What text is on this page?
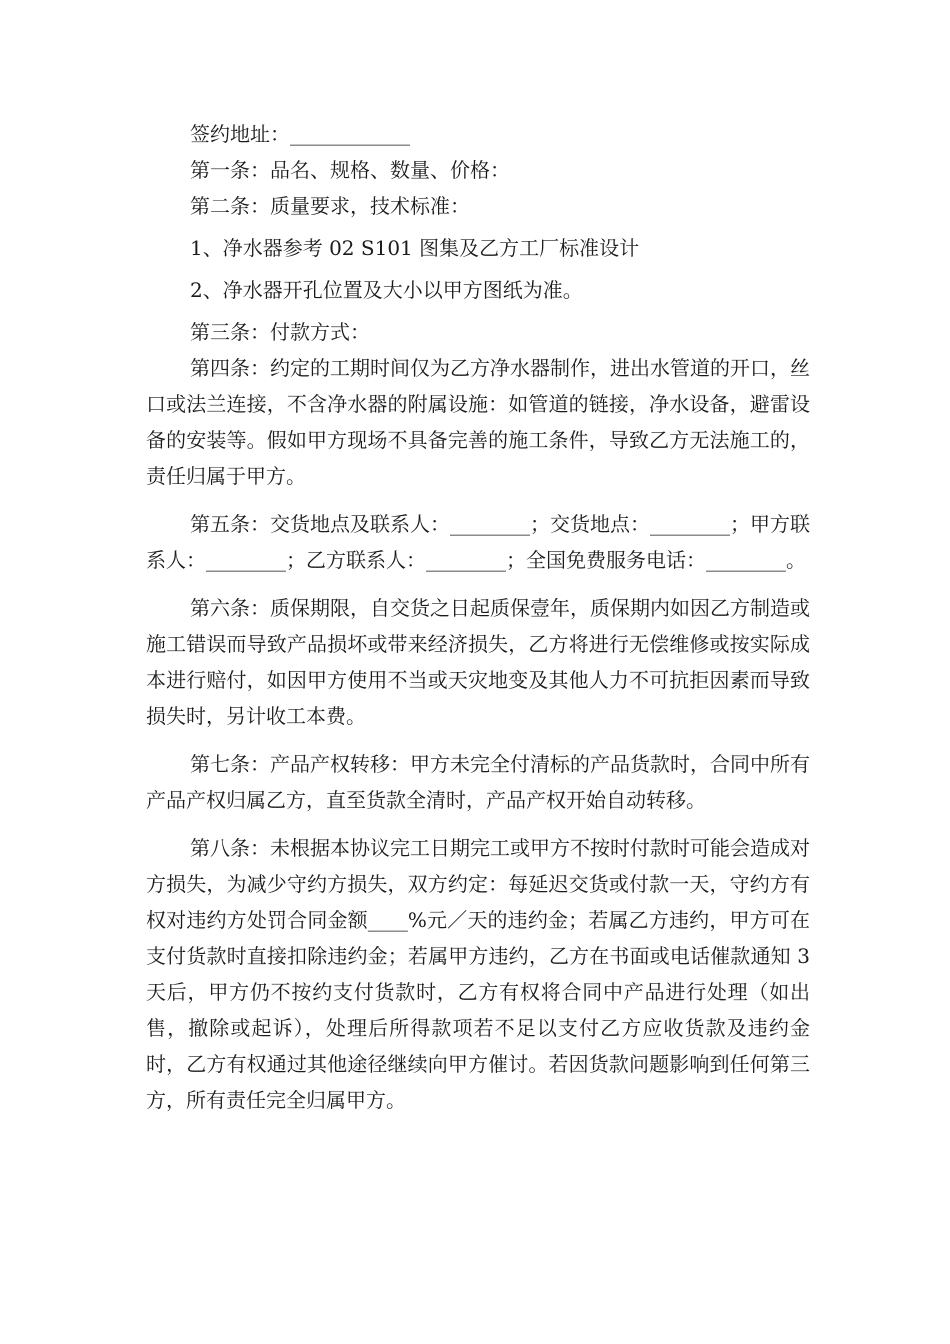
签约地址：____________

第一条：品名、规格、数量、价格：

第二条：质量要求，技术标准：

1、净水器参考 02 S101 图集及乙方工厂标准设计

2、净水器开孔位置及大小以甲方图纸为准。

第三条：付款方式：

第四条：约定的工期时间仅为乙方净水器制作，进出水管道的开口，丝口或法兰连接，不含净水器的附属设施：如管道的链接，净水设备，避雷设备的安装等。假如甲方现场不具备完善的施工条件，导致乙方无法施工的，责任归属于甲方。

第五条：交货地点及联系人：________；交货地点：________；甲方联系人：________；乙方联系人：________；全国免费服务电话：________。

第六条：质保期限，自交货之日起质保壹年，质保期内如因乙方制造或施工错误而导致产品损坏或带来经济损失，乙方将进行无偿维修或按实际成本进行赔付，如因甲方使用不当或天灾地变及其他人力不可抗拒因素而导致损失时，另计收工本费。

第七条：产品产权转移：甲方未完全付清标的产品货款时，合同中所有产品产权归属乙方，直至货款全清时，产品产权开始自动转移。

第八条：未根据本协议完工日期完工或甲方不按时付款时可能会造成对方损失，为减少守约方损失，双方约定：每延迟交货或付款一天，守约方有权对违约方处罚合同金额____%元／天的违约金；若属乙方违约，甲方可在支付货款时直接扣除违约金；若属甲方违约，乙方在书面或电话催款通知 3 天后，甲方仍不按约支付货款时，乙方有权将合同中产品进行处理（如出售，撤除或起诉），处理后所得款项若不足以支付乙方应收货款及违约金时，乙方有权通过其他途径继续向甲方催讨。若因货款问题影响到任何第三方，所有责任完全归属甲方。
